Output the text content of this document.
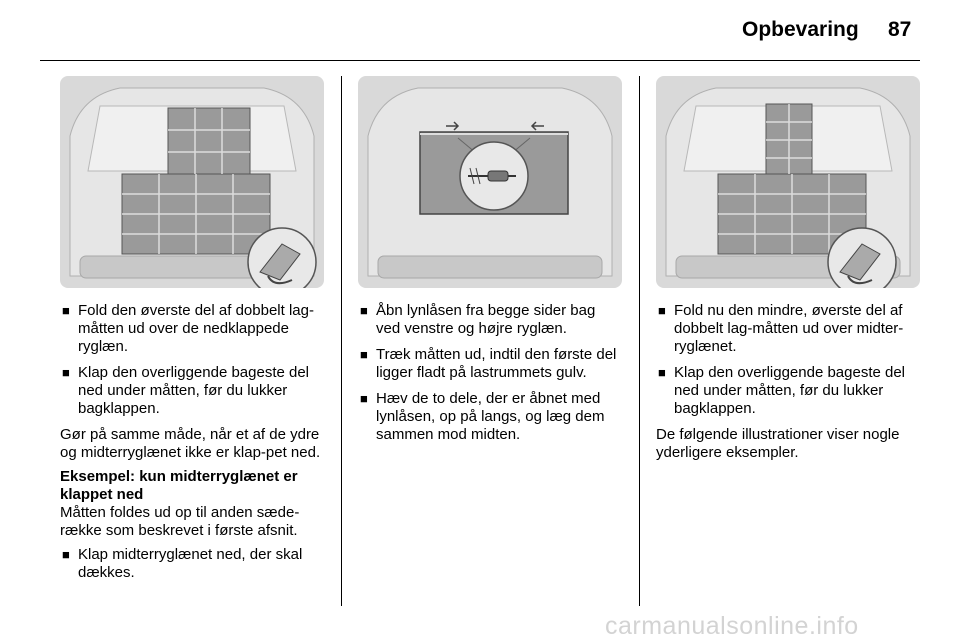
Opbevaring 87
■ Fold den øverste del af dobbelt lag-måtten ud over de nedklappede ryglæn.
■ Klap den overliggende bageste del ned under måtten, før du lukker bagklappen.

Gør på samme måde, når et af de ydre og midterryglænet ikke er klap-pet ned.

Eksempel: kun midterryglænet er klappet ned

Måtten foldes ud op til anden sæde-række som beskrevet i første afsnit.

■ Klap midterryglænet ned, der skal dækkes.
■ Åbn lynlåsen fra begge sider bag ved venstre og højre ryglæn.
■ Træk måtten ud, indtil den første del ligger fladt på lastrummets gulv.
■ Hæv de to dele, der er åbnet med lynlåsen, op på langs, og læg dem sammen mod midten.
■ Fold nu den mindre, øverste del af dobbelt lag-måtten ud over midter-ryglænet.
■ Klap den overliggende bageste del ned under måtten, før du lukker bagklappen.

De følgende illustrationer viser nogle yderligere eksempler.

carmanualsonline.info
